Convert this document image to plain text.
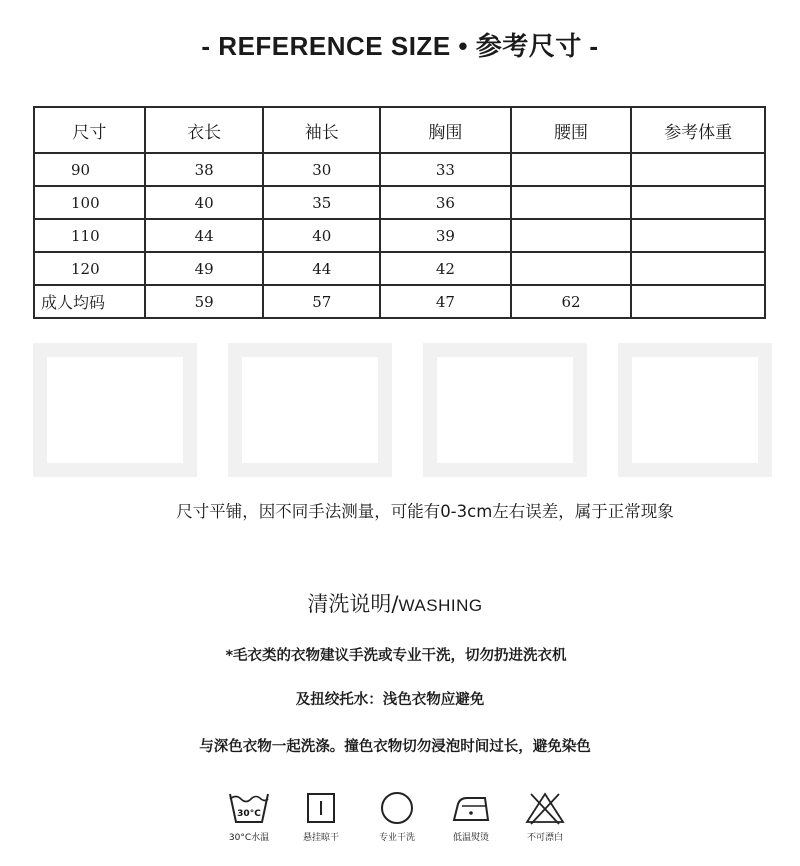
- REFERENCE SIZE • 参考尺寸 -
尺寸	衣长	袖长	胸围	腰围	参考体重
90	38	30	33		
100	40	35	36		
110	44	40	39		
120	49	44	42		
成人均码	59	57	47	62	
尺寸平铺，因不同手法测量，可能有0-3cm左右误差，属于正常现象
清洗说明/WASHING
*毛衣类的衣物建议手洗或专业干洗，切勿扔进洗衣机
及扭绞托水：浅色衣物应避免
与深色衣物一起洗涤。撞色衣物切勿浸泡时间过长，避免染色
30°C
30°C水温	悬挂晾干	专业干洗	低温熨烫	不可漂白
